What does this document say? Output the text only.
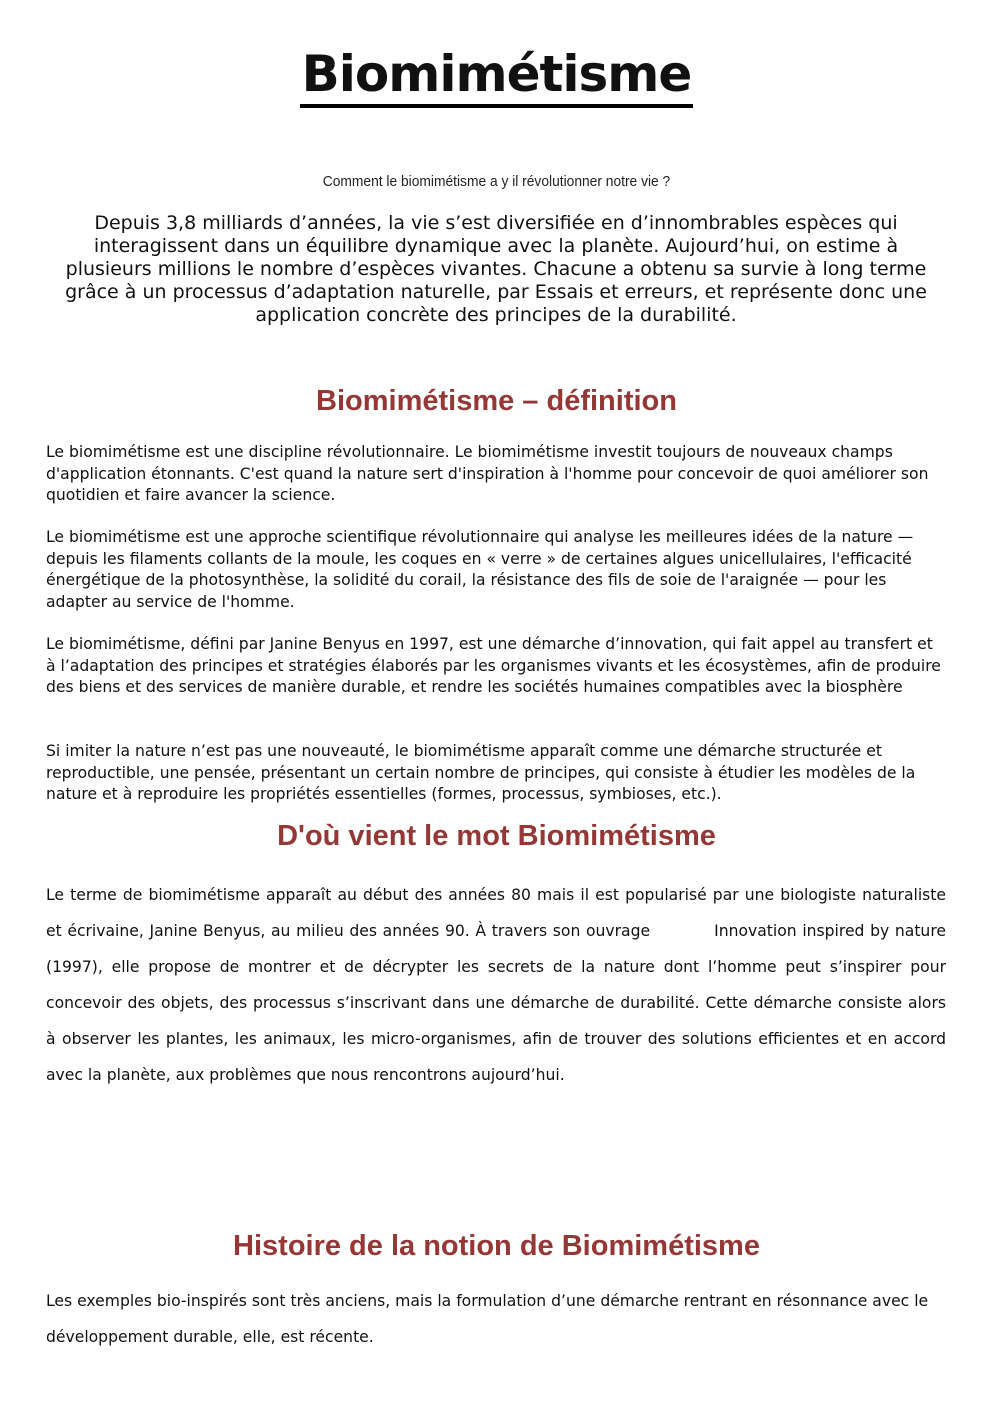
Biomimétisme
Comment le biomimétisme a y il révolutionner notre vie ?

Depuis 3,8 milliards d’années, la vie s’est diversifiée en d’innombrables espèces qui interagissent dans un équilibre dynamique avec la planète. Aujourd’hui, on estime à plusieurs millions le nombre d’espèces vivantes. Chacune a obtenu sa survie à long terme grâce à un processus d’adaptation naturelle, par Essais et erreurs, et représente donc une application concrète des principes de la durabilité.

Biomimétisme – définition

Le biomimétisme est une discipline révolutionnaire. Le biomimétisme investit toujours de nouveaux champs d'application étonnants. C'est quand la nature sert d'inspiration à l'homme pour concevoir de quoi améliorer son quotidien et faire avancer la science.

Le biomimétisme est une approche scientifique révolutionnaire qui analyse les meilleures idées de la nature — depuis les filaments collants de la moule, les coques en « verre » de certaines algues unicellulaires, l'efficacité énergétique de la photosynthèse, la solidité du corail, la résistance des fils de soie de l'araignée — pour les adapter au service de l'homme.

Le biomimétisme, défini par Janine Benyus en 1997, est une démarche d’innovation, qui fait appel au transfert et à l’adaptation des principes et stratégies élaborés par les organismes vivants et les écosystèmes, afin de produire des biens et des services de manière durable, et rendre les sociétés humaines compatibles avec la biosphère

Si imiter la nature n’est pas une nouveauté, le biomimétisme apparaît comme une démarche structurée et reproductible, une pensée, présentant un certain nombre de principes, qui consiste à étudier les modèles de la nature et à reproduire les propriétés essentielles (formes, processus, symbioses, etc.).

D'où vient le mot Biomimétisme

Le terme de biomimétisme apparaît au début des années 80 mais il est popularisé par une biologiste naturaliste et écrivaine, Janine Benyus, au milieu des années 90. À travers son ouvrage	Innovation inspired by nature (1997), elle propose de montrer et de décrypter les secrets de la nature dont l’homme peut s’inspirer pour concevoir des objets, des processus s’inscrivant dans une démarche de durabilité. Cette démarche consiste alors à observer les plantes, les animaux, les micro-organismes, afin de trouver des solutions efficientes et en accord avec la planète, aux problèmes que nous rencontrons aujourd’hui.

Histoire de la notion de Biomimétisme

Les exemples bio-inspirés sont très anciens, mais la formulation d’une démarche rentrant en résonnance avec le développement durable, elle, est récente.
